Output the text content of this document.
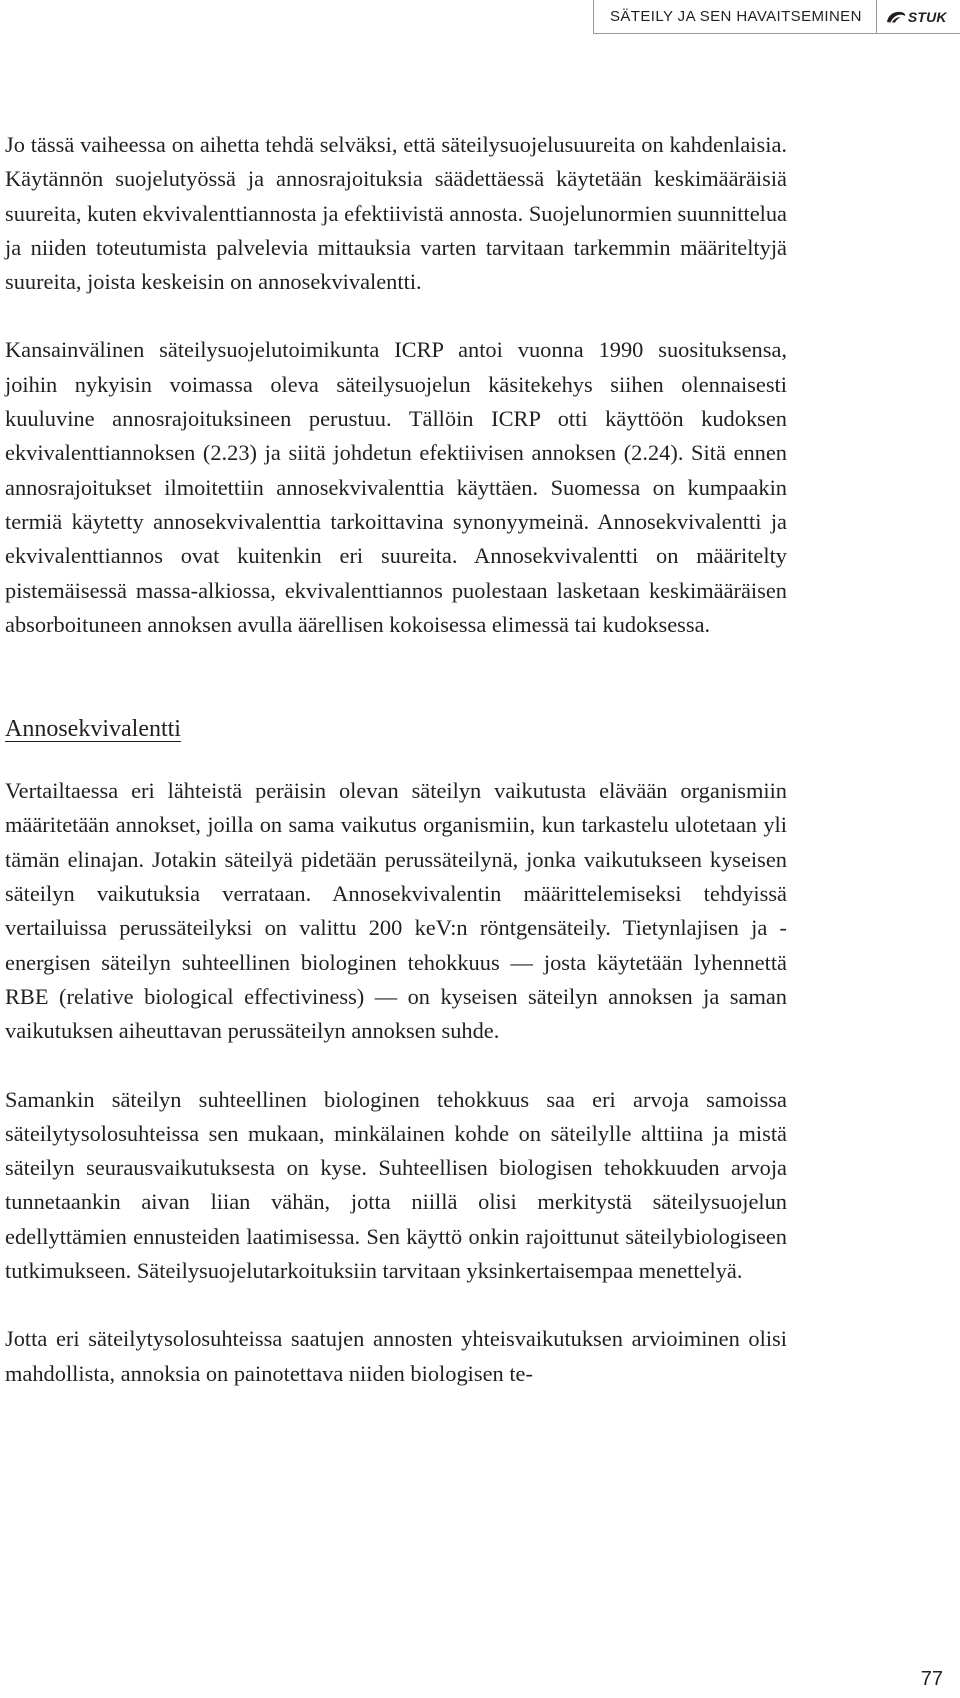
SÄTEILY JA SEN HAVAITSEMINEN	STUK

Jo tässä vaiheessa on aihetta tehdä selväksi, että säteilysuojelusuureita on kahdenlaisia. Käytännön suojelutyössä ja annosrajoituksia säädettäessä käytetään keskimääräisiä suureita, kuten ekvivalenttiannosta ja efektiivistä annosta. Suojelunormien suunnittelua ja niiden toteutumista palvelevia mittauksia varten tarvitaan tarkemmin määriteltyjä suureita, joista keskeisin on annosekvivalentti.

Kansainvälinen säteilysuojelutoimikunta ICRP antoi vuonna 1990 suosituksensa, joihin nykyisin voimassa oleva säteilysuojelun käsitekehys siihen olennaisesti kuuluvine annosrajoituksineen perustuu. Tällöin ICRP otti käyttöön kudoksen ekvivalenttiannoksen (2.23) ja siitä johdetun efektiivisen annoksen (2.24). Sitä ennen annosrajoitukset ilmoitettiin annosekvivalenttia käyttäen. Suomessa on kumpaakin termiä käytetty annosekvivalenttia tarkoittavina synonyymeinä. Annosekvivalentti ja ekvivalenttiannos ovat kuitenkin eri suureita. Annosekvivalentti on määritelty pistemäisessä massa-alkiossa, ekvivalenttiannos puolestaan lasketaan keskimääräisen absorboituneen annoksen avulla äärellisen kokoisessa elimessä tai kudoksessa.

Annosekvivalentti

Vertailtaessa eri lähteistä peräisin olevan säteilyn vaikutusta elävään organismiin määritetään annokset, joilla on sama vaikutus organismiin, kun tarkastelu ulotetaan yli tämän elinajan. Jotakin säteilyä pidetään perussäteilynä, jonka vaikutukseen kyseisen säteilyn vaikutuksia verrataan. Annosekvivalentin määrittelemiseksi tehdyissä vertailuissa perussäteilyksi on valittu 200 keV:n röntgensäteily. Tietynlajisen ja -energisen säteilyn suhteellinen biologinen tehokkuus — josta käytetään lyhennettä RBE (relative biological effectiviness) — on kyseisen säteilyn annoksen ja saman vaikutuksen aiheuttavan perussäteilyn annoksen suhde.

Samankin säteilyn suhteellinen biologinen tehokkuus saa eri arvoja samoissa säteilytysolosuhteissa sen mukaan, minkälainen kohde on säteilylle alttiina ja mistä säteilyn seurausvaikutuksesta on kyse. Suhteellisen biologisen tehokkuuden arvoja tunnetaankin aivan liian vähän, jotta niillä olisi merkitystä säteilysuojelun edellyttämien ennusteiden laatimisessa. Sen käyttö onkin rajoittunut säteilybiologiseen tutkimukseen. Säteilysuojelutarkoituksiin tarvitaan yksinkertaisempaa menettelyä.

Jotta eri säteilytysolosuhteissa saatujen annosten yhteisvaikutuksen arvioiminen olisi mahdollista, annoksia on painotettava niiden biologisen te-

77
